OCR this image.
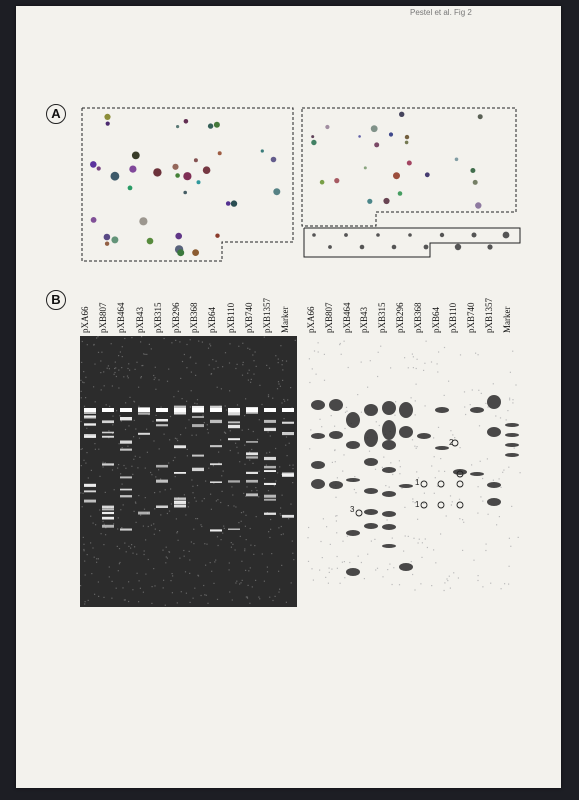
Pestel et al. Fig 2
A
B
pXA66 pXB807 pXB464 pXB43 pXB315 pXB296 pXB368 pXB64 pXB110 pXB740 pXB1357 Marker pXA66 pXB807 pXB464 pXB43 pXB315 pXB296 pXB368 pXB64 pXB110 pXB740 pXB1357 Marker
2
1
1
3
